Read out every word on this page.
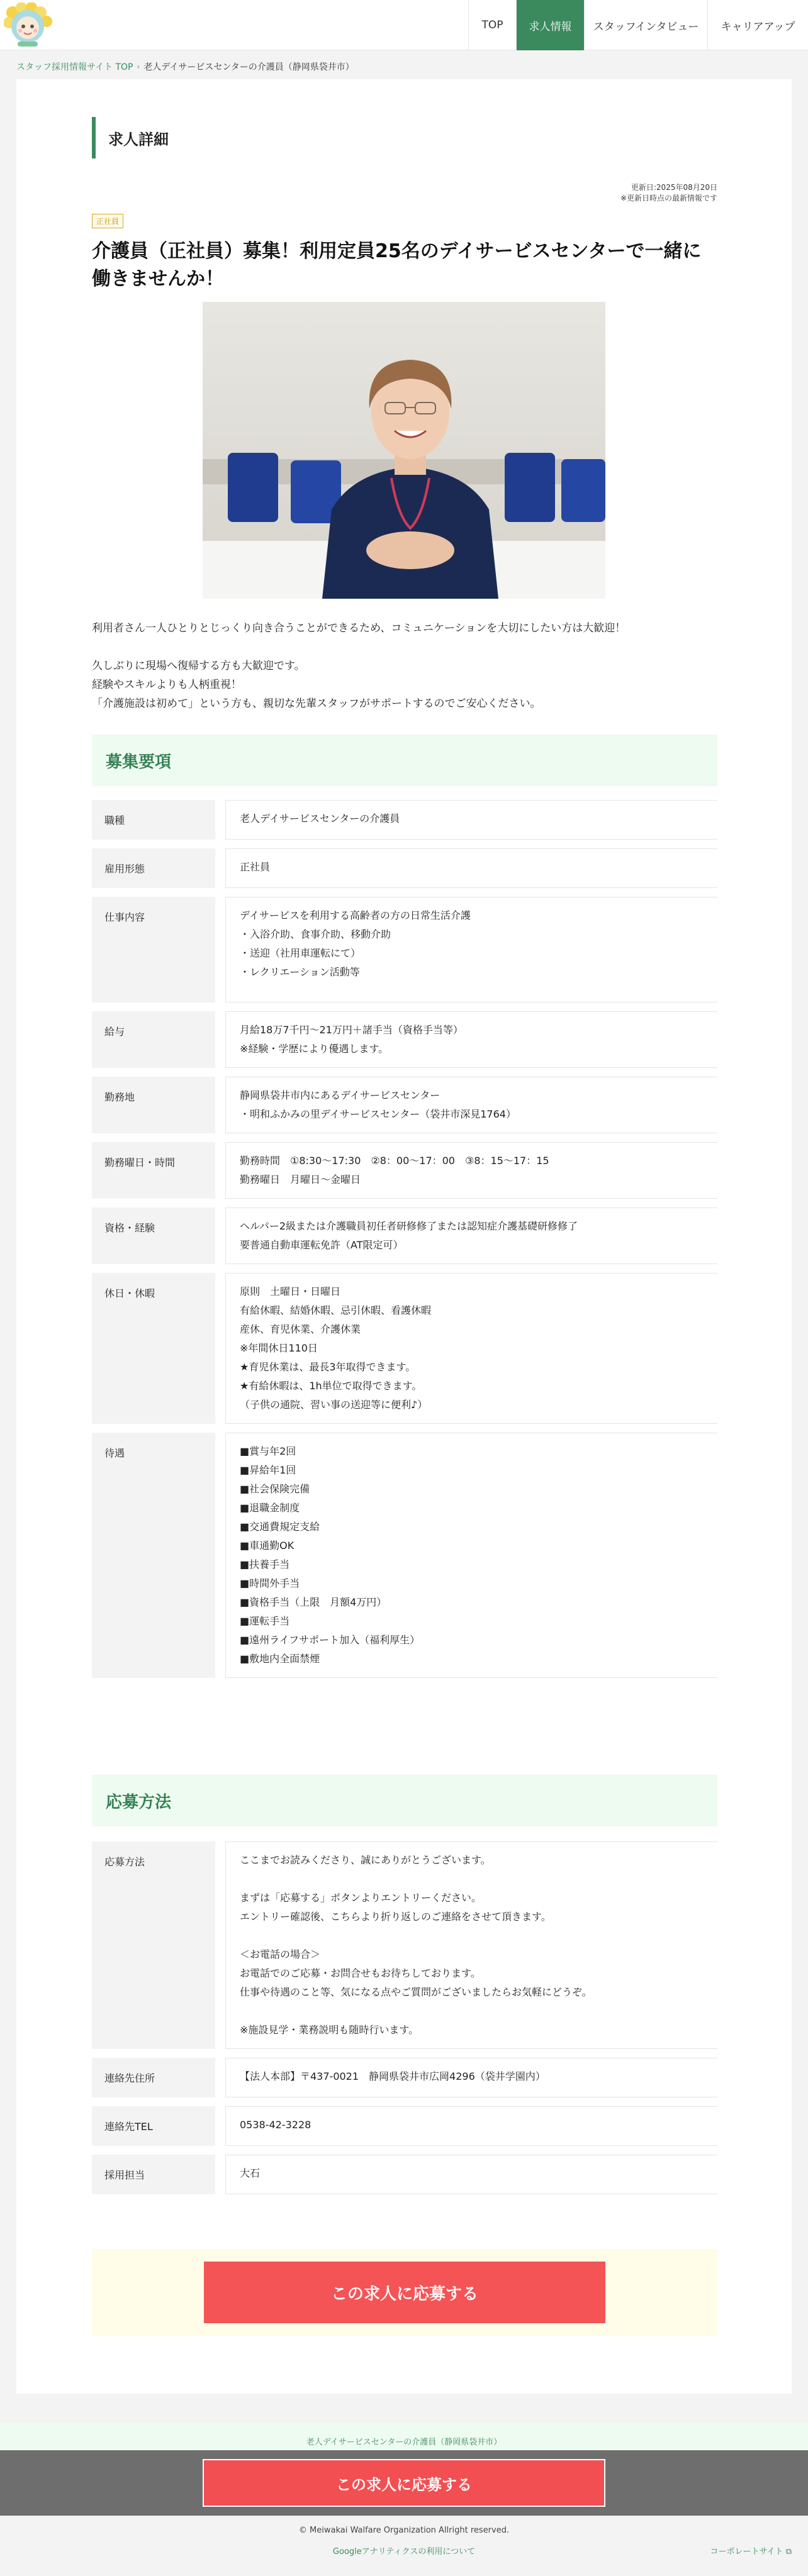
TOP	求人情報	スタッフインタビュー	キャリアアップ
スタッフ採用情報サイト TOP › 老人デイサービスセンターの介護員（静岡県袋井市）
求人詳細
更新日:2025年08月20日
※更新日時点の最新情報です
正社員
介護員（正社員）募集！利用定員25名のデイサービスセンターで一緒に働きませんか！

利用者さん一人ひとりとじっくり向き合うことができるため、コミュニケーションを大切にしたい方は大歓迎！

久しぶりに現場へ復帰する方も大歓迎です。

経験やスキルよりも人柄重視！

「介護施設は初めて」という方も、親切な先輩スタッフがサポートするのでご安心ください。

募集要項
職種	老人デイサービスセンターの介護員
雇用形態	正社員
仕事内容	デイサービスを利用する高齢者の方の日常生活介護
・入浴介助、食事介助、移動介助
・送迎（社用車運転にて）
・レクリエーション活動等
給与	月給18万7千円〜21万円＋諸手当（資格手当等）
※経験・学歴により優遇します。
勤務地	静岡県袋井市内にあるデイサービスセンター
・明和ふかみの里デイサービスセンター（袋井市深見1764）
勤務曜日・時間	勤務時間　①8:30〜17:30　②8：00〜17：00　③8：15〜17：15
勤務曜日　月曜日〜金曜日
資格・経験	ヘルパー2級または介護職員初任者研修修了または認知症介護基礎研修修了
要普通自動車運転免許（AT限定可）
休日・休暇	原則　土曜日・日曜日
有給休暇、結婚休暇、忌引休暇、看護休暇
産休、育児休業、介護休業
※年間休日110日
★育児休業は、最長3年取得できます。
★有給休暇は、1h単位で取得できます。
（子供の通院、習い事の送迎等に便利♪）
待遇	■賞与年2回
■昇給年1回
■社会保険完備
■退職金制度
■交通費規定支給
■車通勤OK
■扶養手当
■時間外手当
■資格手当（上限　月額4万円）
■運転手当
■遠州ライフサポート加入（福利厚生）
■敷地内全面禁煙
応募方法
応募方法	ここまでお読みくださり、誠にありがとうございます。

まずは「応募する」ボタンよりエントリーください。
エントリー確認後、こちらより折り返しのご連絡をさせて頂きます。

＜お電話の場合＞
お電話でのご応募・お問合せもお待ちしております。
仕事や待遇のこと等、気になる点やご質問がございましたらお気軽にどうぞ。

※施設見学・業務説明も随時行います。
連絡先住所	【法人本部】〒437-0021　静岡県袋井市広岡4296（袋井学園内）
連絡先TEL	0538-42-3228
採用担当	大石
この求人に応募する
老人デイサービスセンターの介護員（静岡県袋井市）
この求人に応募する
© Meiwakai Walfare Organization Allright reserved.
Googleアナリティクスの利用について	コーポレートサイト ⧉
